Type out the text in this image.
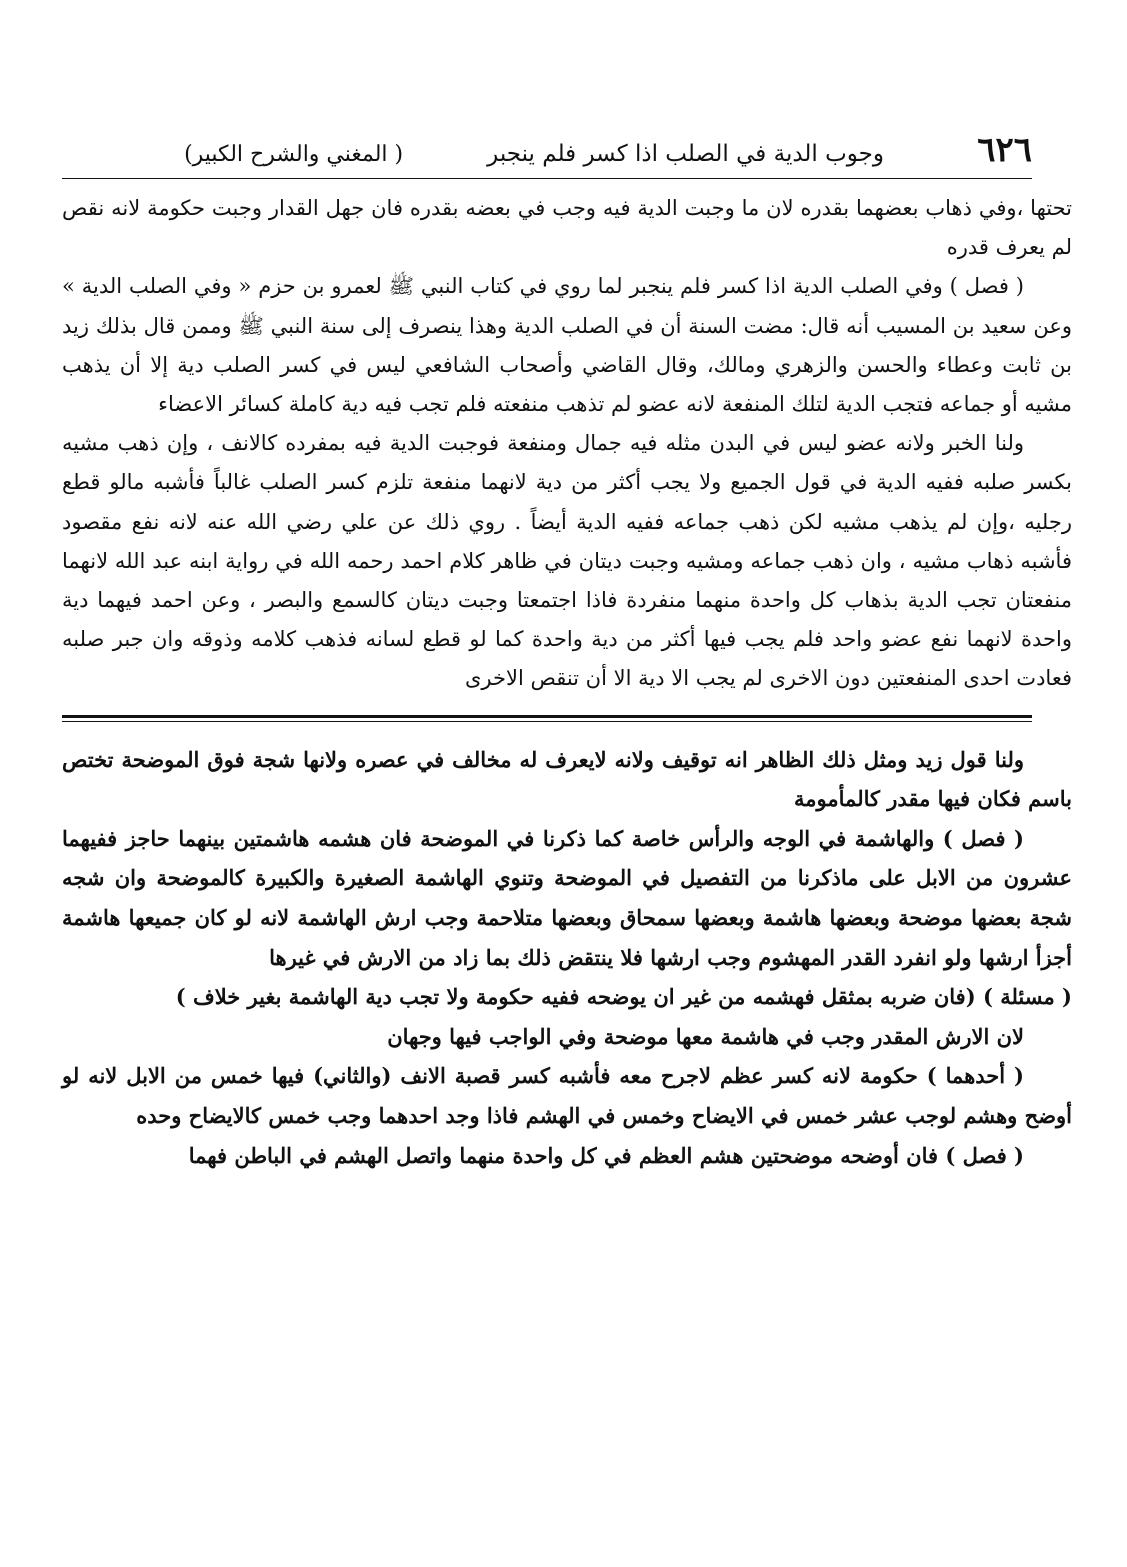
٦٢٦
وجوب الدية في الصلب اذا كسر فلم ينجبر
( المغني والشرح الكبير)

تحتها ،وفي ذهاب بعضهما بقدره لان ما وجبت الدية فيه وجب في بعضه بقدره فان جهل القدار وجبت حكومة لانه نقص لم يعرف قدره

( فصل ) وفي الصلب الدية اذا كسر فلم ينجبر لما روي في كتاب النبي ﷺ لعمرو بن حزم « وفي الصلب الدية » وعن سعيد بن المسيب أنه قال: مضت السنة أن في الصلب الدية وهذا ينصرف إلى سنة النبي ﷺ وممن قال بذلك زيد بن ثابت وعطاء والحسن والزهري ومالك، وقال القاضي وأصحاب الشافعي ليس في كسر الصلب دية إلا أن يذهب مشيه أو جماعه فتجب الدية لتلك المنفعة لانه عضو لم تذهب منفعته فلم تجب فيه دية كاملة كسائر الاعضاء

ولنا الخبر ولانه عضو ليس في البدن مثله فيه جمال ومنفعة فوجبت الدية فيه بمفرده كالانف ، وإن ذهب مشيه بكسر صلبه ففيه الدية في قول الجميع ولا يجب أكثر من دية لانهما منفعة تلزم كسر الصلب غالباً فأشبه مالو قطع رجليه ،وإن لم يذهب مشيه لكن ذهب جماعه ففيه الدية أيضاً . روي ذلك عن علي رضي الله عنه لانه نفع مقصود فأشبه ذهاب مشيه ، وان ذهب جماعه ومشيه وجبت ديتان في ظاهر كلام احمد رحمه الله في رواية ابنه عبد الله لانهما منفعتان تجب الدية بذهاب كل واحدة منهما منفردة فاذا اجتمعتا وجبت ديتان كالسمع والبصر ، وعن احمد فيهما دية واحدة لانهما نفع عضو واحد فلم يجب فيها أكثر من دية واحدة كما لو قطع لسانه فذهب كلامه وذوقه وان جبر صلبه فعادت احدى المنفعتين دون الاخرى لم يجب الا دية الا أن تنقص الاخرى

ولنا قول زيد ومثل ذلك الظاهر انه توقيف ولانه لايعرف له مخالف في عصره ولانها شجة فوق الموضحة تختص باسم فكان فيها مقدر كالمأمومة

( فصل ) والهاشمة في الوجه والرأس خاصة كما ذكرنا في الموضحة فان هشمه هاشمتين بينهما حاجز ففيهما عشرون من الابل على ماذكرنا من التفصيل في الموضحة وتنوي الهاشمة الصغيرة والكبيرة كالموضحة وان شجه شجة بعضها موضحة وبعضها هاشمة وبعضها سمحاق وبعضها متلاحمة وجب ارش الهاشمة لانه لو كان جميعها هاشمة أجزأ ارشها ولو انفرد القدر المهشوم وجب ارشها فلا ينتقض ذلك بما زاد من الارش في غيرها

( مسئلة ) (فان ضربه بمثقل فهشمه من غير ان يوضحه ففيه حكومة ولا تجب دية الهاشمة بغير خلاف )

لان الارش المقدر وجب في هاشمة معها موضحة وفي الواجب فيها وجهان

( أحدهما ) حكومة لانه كسر عظم لاجرح معه فأشبه كسر قصبة الانف (والثاني) فيها خمس من الابل لانه لو أوضح وهشم لوجب عشر خمس في الايضاح وخمس في الهشم فاذا وجد احدهما وجب خمس كالايضاح وحده

( فصل ) فان أوضحه موضحتين هشم العظم في كل واحدة منهما واتصل الهشم في الباطن فهما
